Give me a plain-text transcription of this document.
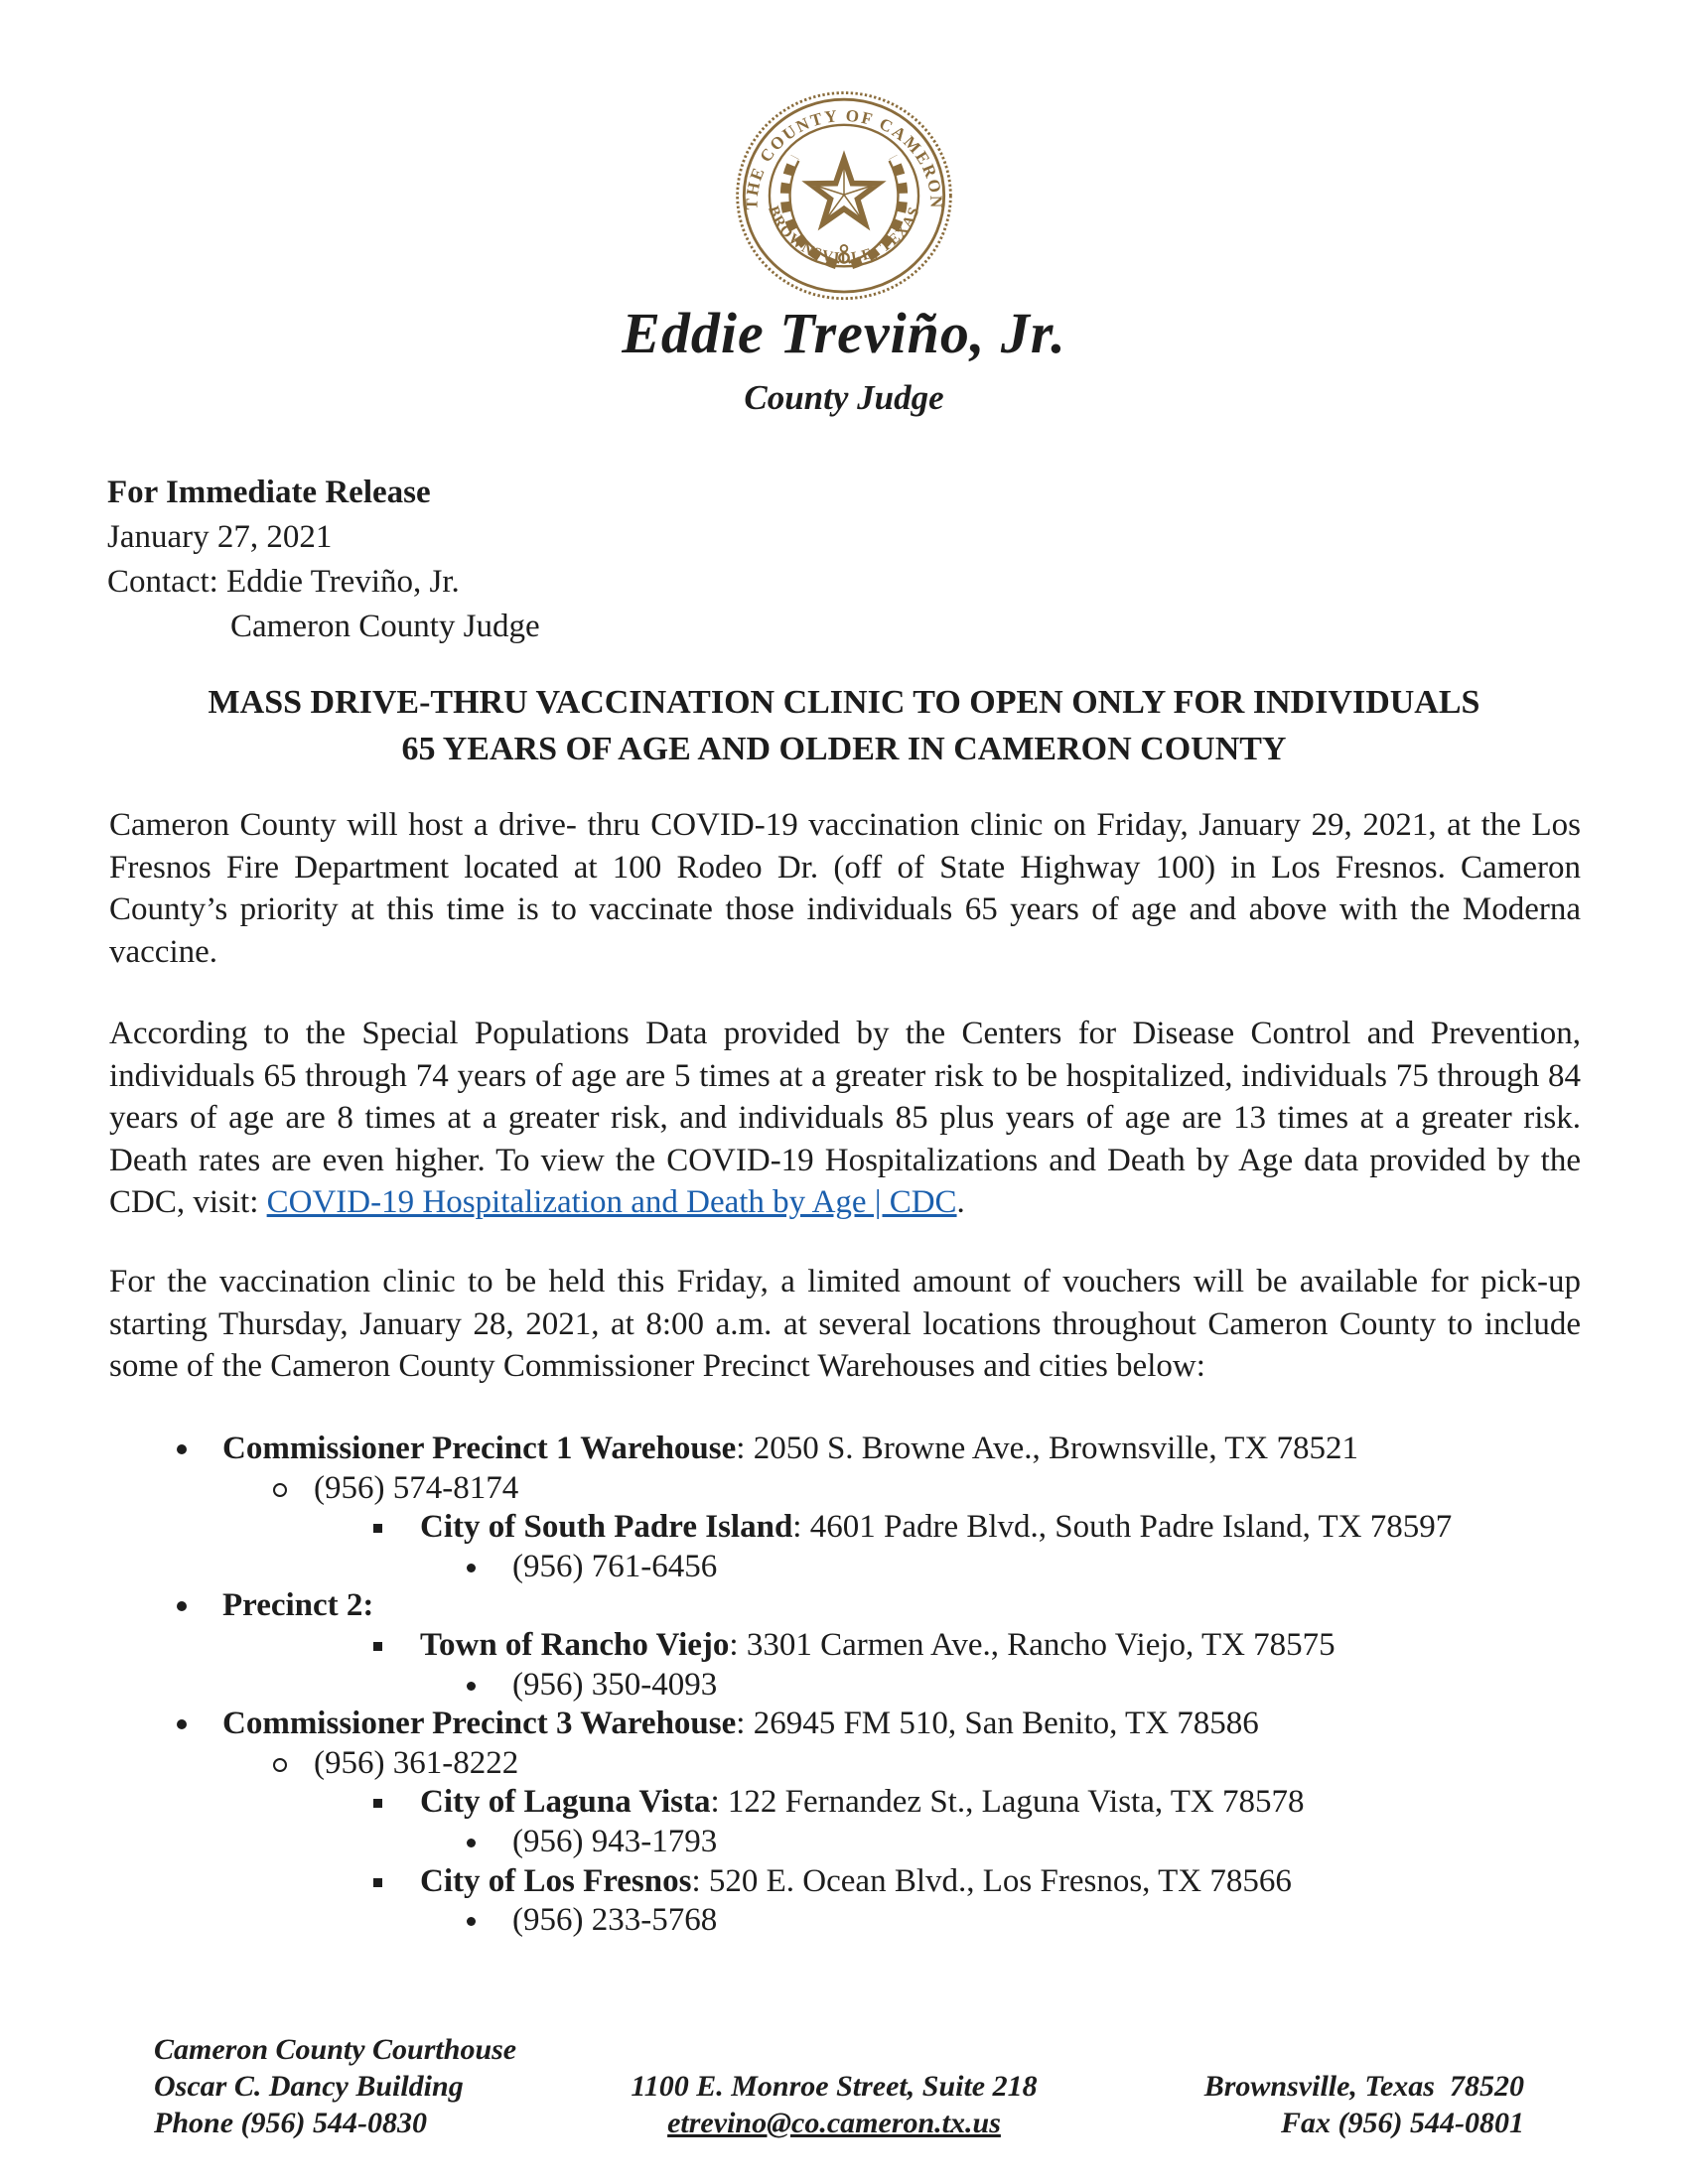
THE COUNTY OF CAMERON
BROWNSVILLE, TEXAS
Eddie Treviño, Jr.
County Judge
For Immediate Release
January 27, 2021
Contact: Eddie Treviño, Jr.
Cameron County Judge
MASS DRIVE-THRU VACCINATION CLINIC TO OPEN ONLY FOR INDIVIDUALS
65 YEARS OF AGE AND OLDER IN CAMERON COUNTY
Cameron County will host a drive- thru COVID-19 vaccination clinic on Friday, January 29, 2021, at the Los Fresnos Fire Department located at 100 Rodeo Dr. (off of State Highway 100) in Los Fresnos. Cameron County’s priority at this time is to vaccinate those individuals 65 years of age and above with the Moderna vaccine.
According to the Special Populations Data provided by the Centers for Disease Control and Prevention, individuals 65 through 74 years of age are 5 times at a greater risk to be hospitalized, individuals 75 through 84 years of age are 8 times at a greater risk, and individuals 85 plus years of age are 13 times at a greater risk. Death rates are even higher. To view the COVID-19 Hospitalizations and Death by Age data provided by the CDC, visit: COVID-19 Hospitalization and Death by Age | CDC.
For the vaccination clinic to be held this Friday, a limited amount of vouchers will be available for pick-up starting Thursday, January 28, 2021, at 8:00 a.m. at several locations throughout Cameron County to include some of the Cameron County Commissioner Precinct Warehouses and cities below:
Commissioner Precinct 1 Warehouse: 2050 S. Browne Ave., Brownsville, TX 78521
(956) 574-8174
City of South Padre Island: 4601 Padre Blvd., South Padre Island, TX 78597
(956) 761-6456
Precinct 2:
Town of Rancho Viejo: 3301 Carmen Ave., Rancho Viejo, TX 78575
(956) 350-4093
Commissioner Precinct 3 Warehouse: 26945 FM 510, San Benito, TX 78586
(956) 361-8222
City of Laguna Vista: 122 Fernandez St., Laguna Vista, TX 78578
(956) 943-1793
City of Los Fresnos: 520 E. Ocean Blvd., Los Fresnos, TX 78566
(956) 233-5768
Cameron County Courthouse
Oscar C. Dancy Building
Phone (956) 544-0830
1100 E. Monroe Street, Suite 218
etrevino@co.cameron.tx.us
Brownsville, Texas  78520
Fax (956) 544-0801
